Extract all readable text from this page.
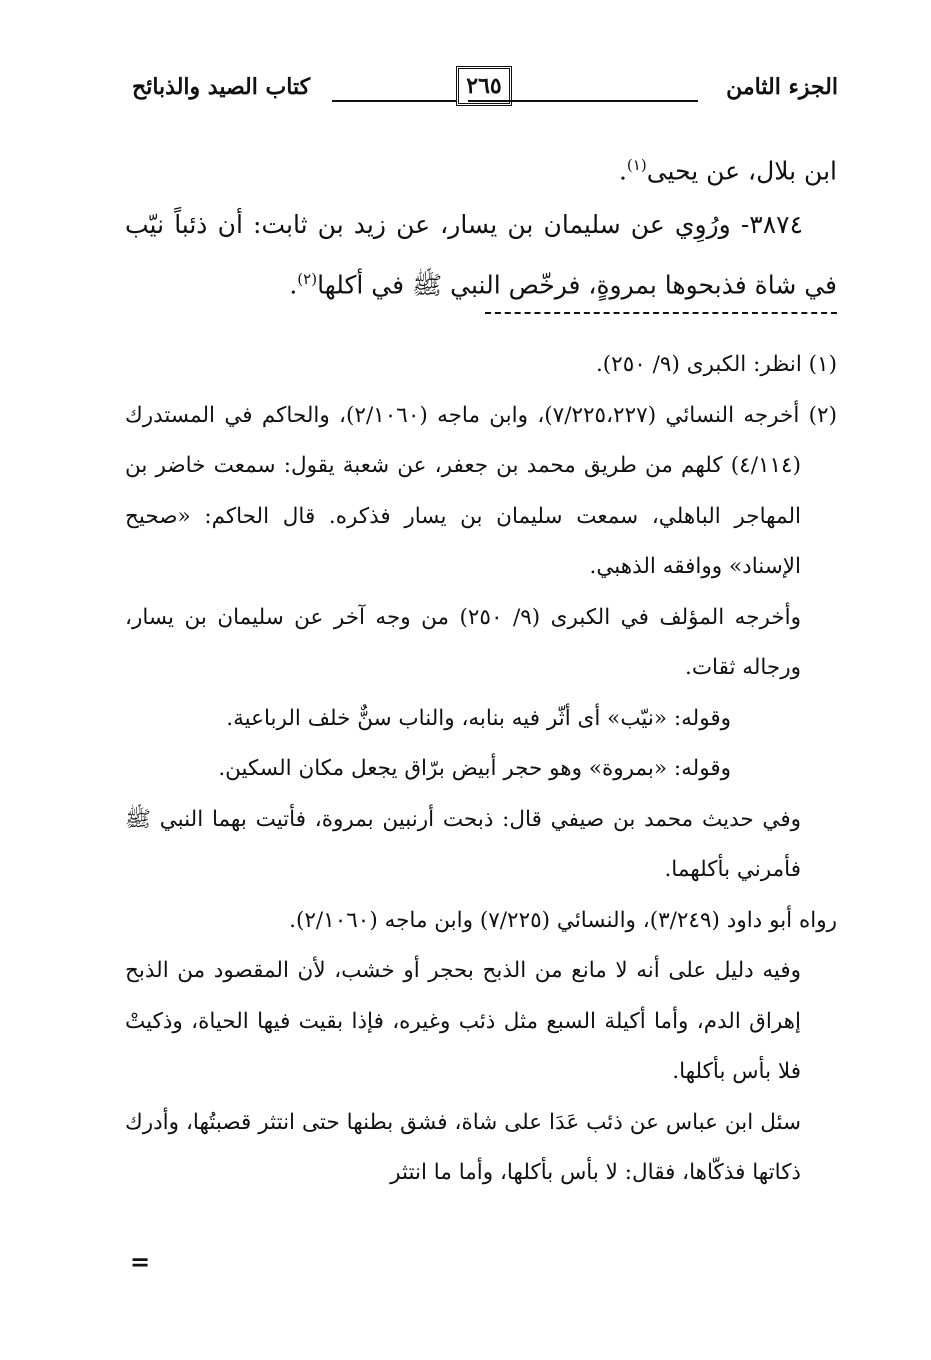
الجزء الثامن
٢٦٥
كتاب الصيد والذبائح

ابن بلال، عن يحيى$^{(١)}$.

٣٨٧٤- ورُوِي عن سليمان بن يسار، عن زيد بن ثابت: أن ذئباً نيّب في شاة فذبحوها بمروةٍ، فرخّص النبي ﷺ في أكلها$^{(٢)}$.

(١) انظر: الكبرى (٩/ ٢٥٠).

(٢) أخرجه النسائي (٧/٢٢٥،٢٢٧)، وابن ماجه (٢/١٠٦٠)، والحاكم في المستدرك (٤/١١٤) كلهم من طريق محمد بن جعفر، عن شعبة يقول: سمعت خاضر بن المهاجر الباهلي، سمعت سليمان بن يسار فذكره. قال الحاكم: «صحيح الإسناد» ووافقه الذهبي.

وأخرجه المؤلف في الكبرى (٩/ ٢٥٠) من وجه آخر عن سليمان بن يسار، ورجاله ثقات.

وقوله: «نيّب» أى أثّر فيه بنابه، والناب سنٌّ خلف الرباعية.

وقوله: «بمروة» وهو حجر أبيض برّاق يجعل مكان السكين.

وفي حديث محمد بن صيفي قال: ذبحت أرنبين بمروة، فأتيت بهما النبي ﷺ فأمرني بأكلهما.

رواه أبو داود (٣/٢٤٩)، والنسائي (٧/٢٢٥) وابن ماجه (٢/١٠٦٠).

وفيه دليل على أنه لا مانع من الذبح بحجر أو خشب، لأن المقصود من الذبح إهراق الدم، وأما أكيلة السبع مثل ذئب وغيره، فإذا بقيت فيها الحياة، وذكيتْ فلا بأس بأكلها.

سئل ابن عباس عن ذئب عَدَا على شاة، فشق بطنها حتى انتثر قصبتُها، وأدرك ذكاتها فذكّاها، فقال: لا بأس بأكلها، وأما ما انتثر

=
